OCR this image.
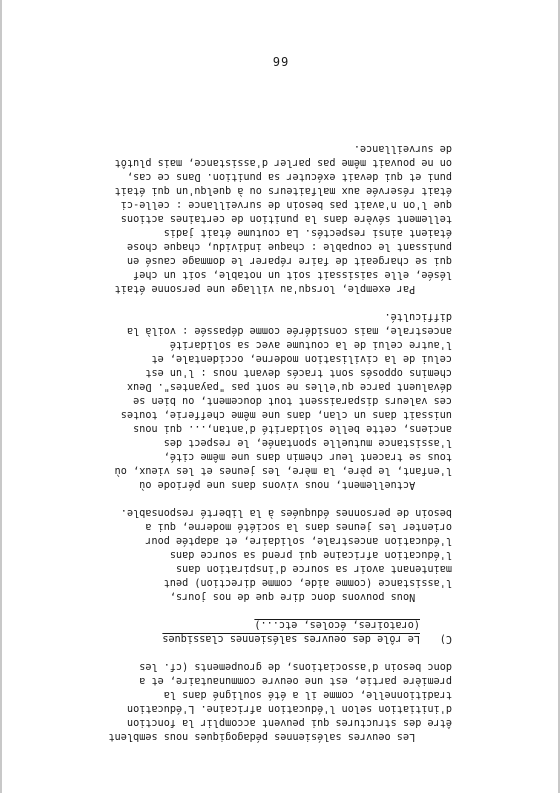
66
Les oeuvres salésiennes pédagogiques nous semblent
être des structures qui peuvent accomplir la fonction
d'initiation selon l'éducation africaine. L'éducation
traditionnelle, comme il a été souligné dans la
première partie, est une oeuvre communautaire, et a
donc besoin d'associations, de groupements (cf. les
C)Le rôle des oeuvres salésiennes classiques
(oratoires, écoles, etc...)
Nous pouvons donc dire que de nos jours,
l'assistance (comme aide, comme direction) peut
maintenant avoir sa source d'inspiration dans
l'éducation africaine qui prend sa source dans
l'éducation ancestrale, solidaire, et adaptée pour
orienter les jeunes dans la société moderne, qui a
besoin de personnes éduquées à la liberté responsable.
Actuellement, nous vivons dans une période où
l'enfant, le père, la mère, les jeunes et les vieux, où
tous se tracent leur chemin dans une même cité,
l'assistance mutuelle spontanée, le respect des
anciens, cette belle solidarité d'antan,... qui nous
unissait dans un clan, dans une même chefferie, toutes
ces valeurs disparaissent tout doucement, ou bien se
dévaluent parce qu'elles ne sont pas "payantes". Deux
chemins opposés sont tracés devant nous : l'un est
celui de la civilisation moderne, occidentale, et
l'autre celui de la coutume avec sa solidarité
ancestrale, mais considérée comme dépassée : voilà la
difficulté.
Par exemple, lorsqu'au village une personne était
lésée, elle saisissait soit un notable, soit un chef
qui se chargeait de faire réparer le dommage causé en
punissant le coupable : chaque individu, chaque chose
étaient ainsi respectés. La coutume était jadis
tellement sévère dans la punition de certaines actions
que l'on n'avait pas besoin de surveillance : celle-ci
était réservée aux malfaiteurs ou à quelqu'un qui était
puni et qui devait exécuter sa punition. Dans ce cas,
on ne pouvait même pas parler d'assistance, mais plutôt
de surveillance.
